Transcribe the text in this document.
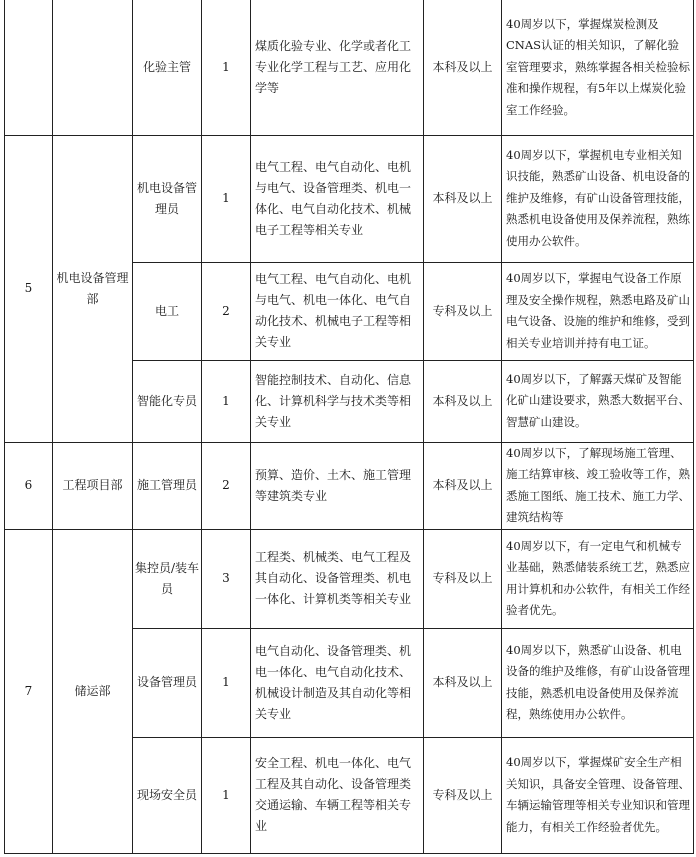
		化验主管	1	煤质化验专业、化学或者化工专业化学工程与工艺、应用化学等	本科及以上	40周岁以下，掌握煤炭检测及CNAS认证的相关知识，了解化验室管理要求，熟练掌握各相关检验标准和操作规程，有5年以上煤炭化验室工作经验。
5	机电设备管理部	机电设备管理员	1	电气工程、电气自动化、电机与电气、设备管理类、机电一体化、电气自动化技术、机械电子工程等相关专业	本科及以上	40周岁以下，掌握机电专业相关知识技能，熟悉矿山设备、机电设备的维护及维修，有矿山设备管理技能，熟悉机电设备使用及保养流程，熟练使用办公软件。
		电工	2	电气工程、电气自动化、电机与电气、机电一体化、电气自动化技术、机械电子工程等相关专业	专科及以上	40周岁以下，掌握电气设备工作原理及安全操作规程，熟悉电路及矿山电气设备、设施的维护和维修，受到相关专业培训并持有电工证。
		智能化专员	1	智能控制技术、自动化、信息化、计算机科学与技术类等相关专业	本科及以上	40周岁以下，了解露天煤矿及智能化矿山建设要求，熟悉大数据平台、智慧矿山建设。
6	工程项目部	施工管理员	2	预算、造价、土木、施工管理等建筑类专业	本科及以上	40周岁以下，了解现场施工管理、施工结算审核、竣工验收等工作，熟悉施工图纸、施工技术、施工力学、建筑结构等
7	储运部	集控员/装车员	3	工程类、机械类、电气工程及其自动化、设备管理类、机电一体化、计算机类等相关专业	专科及以上	40周岁以下，有一定电气和机械专业基础，熟悉储装系统工艺，熟悉应用计算机和办公软件，有相关工作经验者优先。
		设备管理员	1	电气自动化、设备管理类、机电一体化、电气自动化技术、机械设计制造及其自动化等相关专业	本科及以上	40周岁以下，熟悉矿山设备、机电设备的维护及维修，有矿山设备管理技能，熟悉机电设备使用及保养流程，熟练使用办公软件。
		现场安全员	1	安全工程、机电一体化、电气工程及其自动化、设备管理类交通运输、车辆工程等相关专业	专科及以上	40周岁以下，掌握煤矿安全生产相关知识，具备安全管理、设备管理、车辆运输管理等相关专业知识和管理能力，有相关工作经验者优先。
